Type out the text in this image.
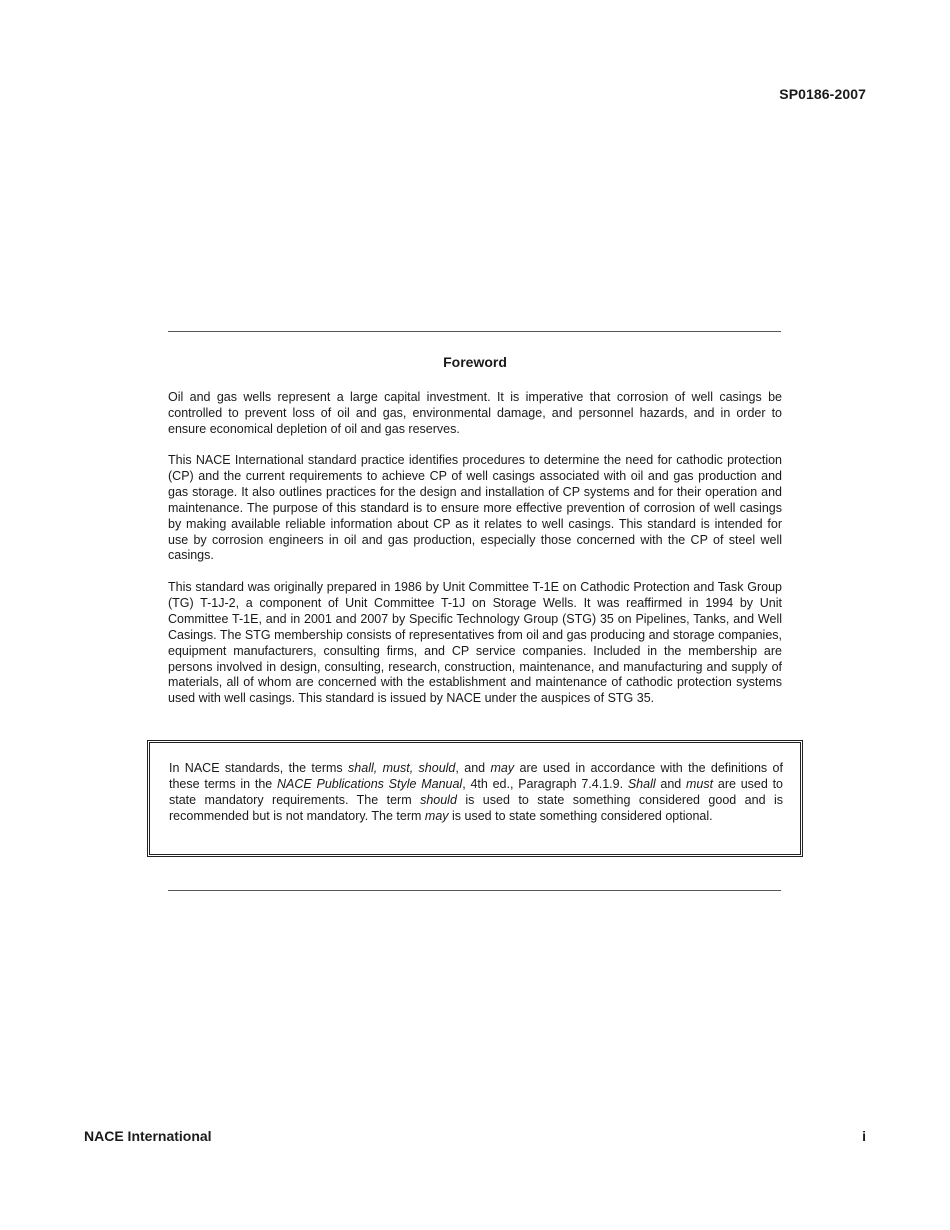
SP0186-2007
Foreword

Oil and gas wells represent a large capital investment. It is imperative that corrosion of well casings be controlled to prevent loss of oil and gas, environmental damage, and personnel hazards, and in order to ensure economical depletion of oil and gas reserves.

This NACE International standard practice identifies procedures to determine the need for cathodic protection (CP) and the current requirements to achieve CP of well casings associated with oil and gas production and gas storage. It also outlines practices for the design and installation of CP systems and for their operation and maintenance. The purpose of this standard is to ensure more effective prevention of corrosion of well casings by making available reliable information about CP as it relates to well casings. This standard is intended for use by corrosion engineers in oil and gas production, especially those concerned with the CP of steel well casings.

This standard was originally prepared in 1986 by Unit Committee T-1E on Cathodic Protection and Task Group (TG) T-1J-2, a component of Unit Committee T-1J on Storage Wells. It was reaffirmed in 1994 by Unit Committee T-1E, and in 2001 and 2007 by Specific Technology Group (STG) 35 on Pipelines, Tanks, and Well Casings. The STG membership consists of representatives from oil and gas producing and storage companies, equipment manufacturers, consulting firms, and CP service companies. Included in the membership are persons involved in design, consulting, research, construction, maintenance, and manufacturing and supply of materials, all of whom are concerned with the establishment and maintenance of cathodic protection systems used with well casings. This standard is issued by NACE under the auspices of STG 35.

In NACE standards, the terms shall, must, should, and may are used in accordance with the definitions of these terms in the NACE Publications Style Manual, 4th ed., Paragraph 7.4.1.9. Shall and must are used to state mandatory requirements. The term should is used to state something considered good and is recommended but is not mandatory. The term may is used to state something considered optional.

NACE International	i
